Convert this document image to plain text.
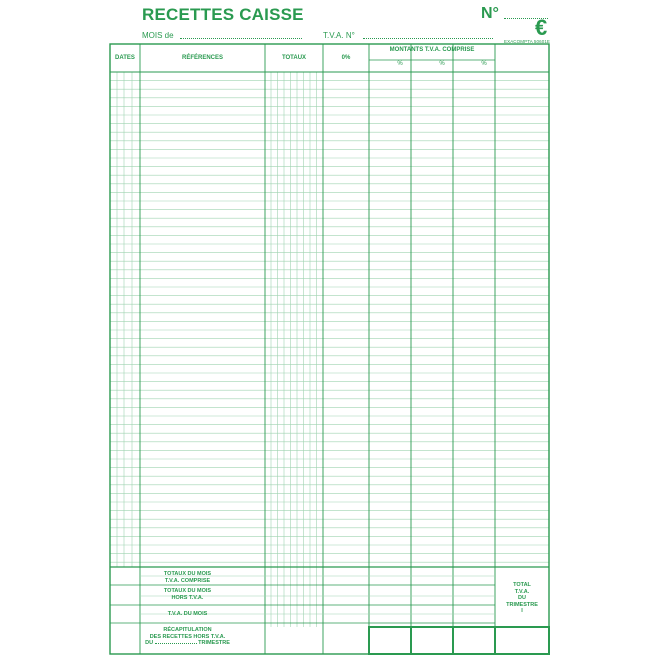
RECETTES CAISSE	N°
€
EXACOMPTA 50601E
MOIS de	T.V.A. N°
DATES	RÉFÉRENCES	TOTAUX	0%
MONTANTS T.V.A. COMPRISE
%	%	%
TOTAUX DU MOIS
T.V.A. COMPRISE
TOTAUX DU MOIS
HORS T.V.A.
T.V.A. DU MOIS
RÉCAPITULATION
DES RECETTES HORS T.V.A.
DU	TRIMESTRE
TOTAL
T.V.A.
DU
TRIMESTRE
I
